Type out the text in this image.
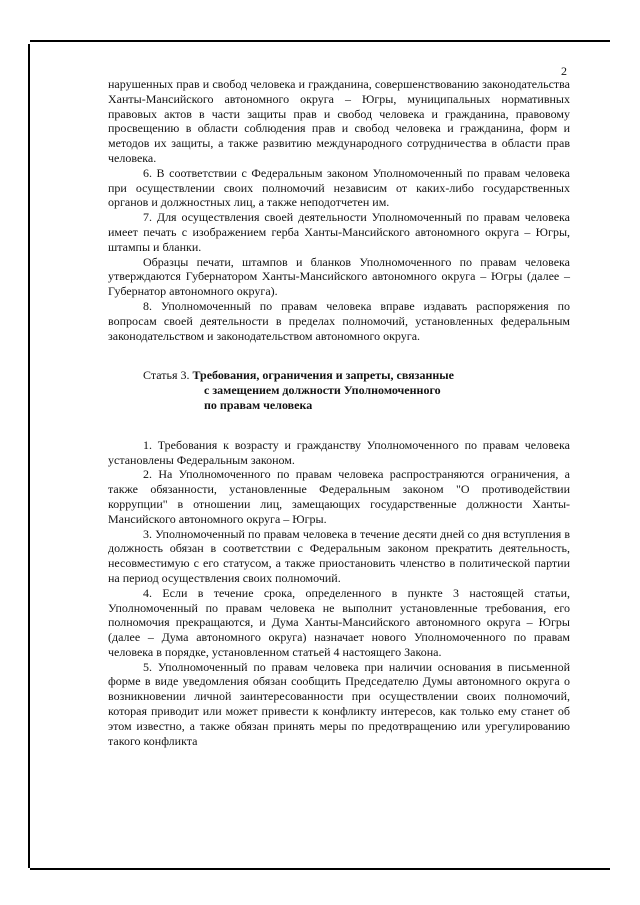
2

нарушенных прав и свобод человека и гражданина, совершенствованию законодательства Ханты-Мансийского автономного округа – Югры, муниципальных нормативных правовых актов в части защиты прав и свобод человека и гражданина, правовому просвещению в области соблюдения прав и свобод человека и гражданина, форм и методов их защиты, а также развитию международного сотрудничества в области прав человека.

6. В соответствии с Федеральным законом Уполномоченный по правам человека при осуществлении своих полномочий независим от каких-либо государственных органов и должностных лиц, а также неподотчетен им.

7. Для осуществления своей деятельности Уполномоченный по правам человека имеет печать с изображением герба Ханты-Мансийского автономного округа – Югры, штампы и бланки.

Образцы печати, штампов и бланков Уполномоченного по правам человека утверждаются Губернатором Ханты-Мансийского автономного округа – Югры (далее – Губернатор автономного округа).

8. Уполномоченный по правам человека вправе издавать распоряжения по вопросам своей деятельности в пределах полномочий, установленных федеральным законодательством и законодательством автономного округа.

Статья 3. Требования, ограничения и запреты, связанные
с замещением должности Уполномоченного
по правам человека

1. Требования к возрасту и гражданству Уполномоченного по правам человека установлены Федеральным законом.

2. На Уполномоченного по правам человека распространяются ограничения, а также обязанности, установленные Федеральным законом "О противодействии коррупции" в отношении лиц, замещающих государственные должности Ханты-Мансийского автономного округа – Югры.

3. Уполномоченный по правам человека в течение десяти дней со дня вступления в должность обязан в соответствии с Федеральным законом прекратить деятельность, несовместимую с его статусом, а также приостановить членство в политической партии на период осуществления своих полномочий.

4. Если в течение срока, определенного в пункте 3 настоящей статьи, Уполномоченный по правам человека не выполнит установленные требования, его полномочия прекращаются, и Дума Ханты-Мансийского автономного округа – Югры (далее – Дума автономного округа) назначает нового Уполномоченного по правам человека в порядке, установленном статьей 4 настоящего Закона.

5. Уполномоченный по правам человека при наличии основания в письменной форме в виде уведомления обязан сообщить Председателю Думы автономного округа о возникновении личной заинтересованности при осуществлении своих полномочий, которая приводит или может привести к конфликту интересов, как только ему станет об этом известно, а также обязан принять меры по предотвращению или урегулированию такого конфликта
